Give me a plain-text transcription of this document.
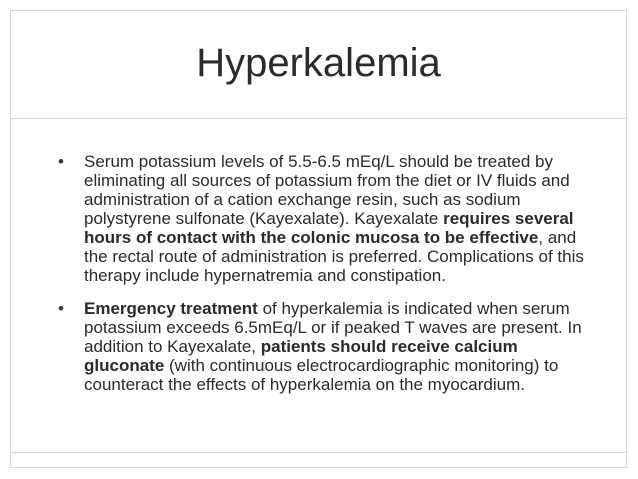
Hyperkalemia
• Serum potassium levels of 5.5-6.5 mEq/L should be treated by eliminating all sources of potassium from the diet or IV fluids and administration of a cation exchange resin, such as sodium polystyrene sulfonate (Kayexalate). Kayexalate requires several hours of contact with the colonic mucosa to be effective, and the rectal route of administration is preferred. Complications of this therapy include hypernatremia and constipation.
• Emergency treatment of hyperkalemia is indicated when serum potassium exceeds 6.5mEq/L or if peaked T waves are present. In addition to Kayexalate, patients should receive calcium gluconate (with continuous electrocardiographic monitoring) to counteract the effects of hyperkalemia on the myocardium.
